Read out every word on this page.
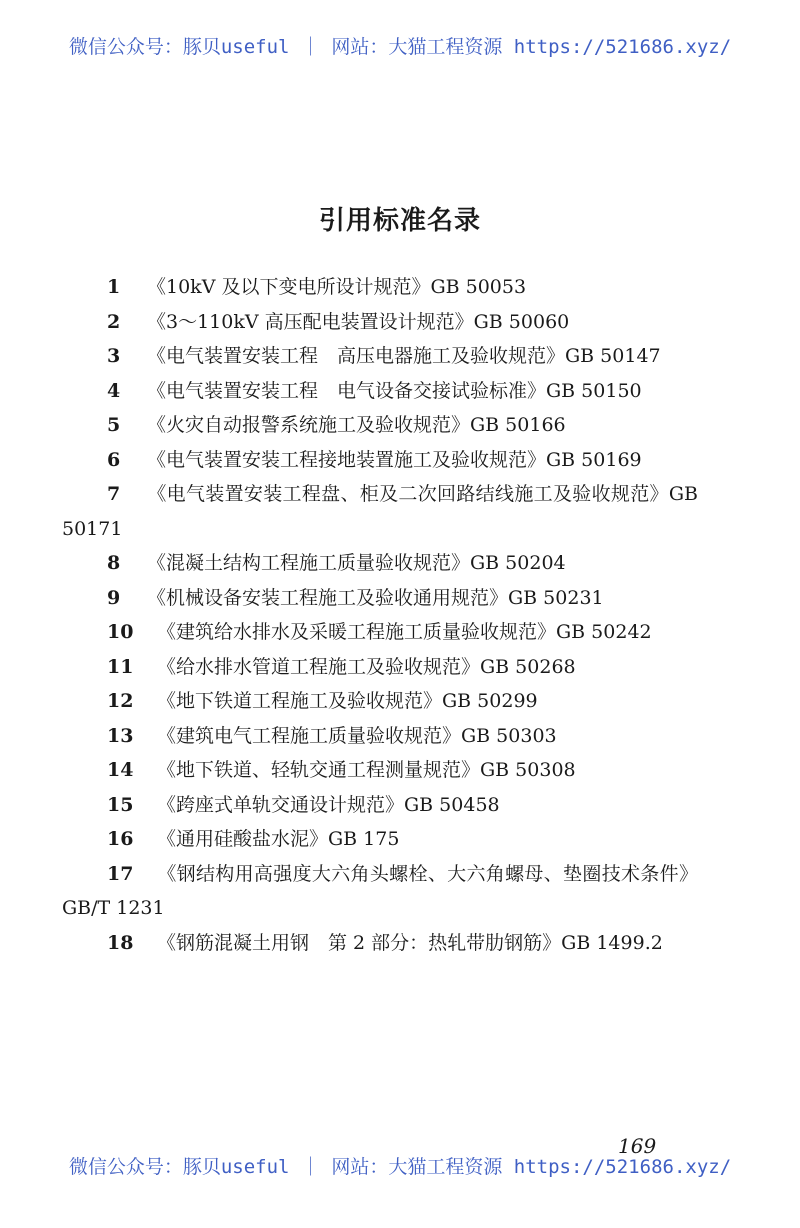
微信公众号：豚贝useful ｜ 网站：大猫工程资源 https://521686.xyz/
引用标准名录
1 《10kV 及以下变电所设计规范》GB 50053
2 《3～110kV 高压配电装置设计规范》GB 50060
3 《电气装置安装工程　高压电器施工及验收规范》GB 50147
4 《电气装置安装工程　电气设备交接试验标准》GB 50150
5 《火灾自动报警系统施工及验收规范》GB 50166
6 《电气装置安装工程接地装置施工及验收规范》GB 50169
7 《电气装置安装工程盘、柜及二次回路结线施工及验收规范》GB 50171
8 《混凝土结构工程施工质量验收规范》GB 50204
9 《机械设备安装工程施工及验收通用规范》GB 50231
10 《建筑给水排水及采暖工程施工质量验收规范》GB 50242
11 《给水排水管道工程施工及验收规范》GB 50268
12 《地下铁道工程施工及验收规范》GB 50299
13 《建筑电气工程施工质量验收规范》GB 50303
14 《地下铁道、轻轨交通工程测量规范》GB 50308
15 《跨座式单轨交通设计规范》GB 50458
16 《通用硅酸盐水泥》GB 175
17 《钢结构用高强度大六角头螺栓、大六角螺母、垫圈技术条件》GB/T 1231
18 《钢筋混凝土用钢　第 2 部分：热轧带肋钢筋》GB 1499.2
169
微信公众号：豚贝useful ｜ 网站：大猫工程资源 https://521686.xyz/
